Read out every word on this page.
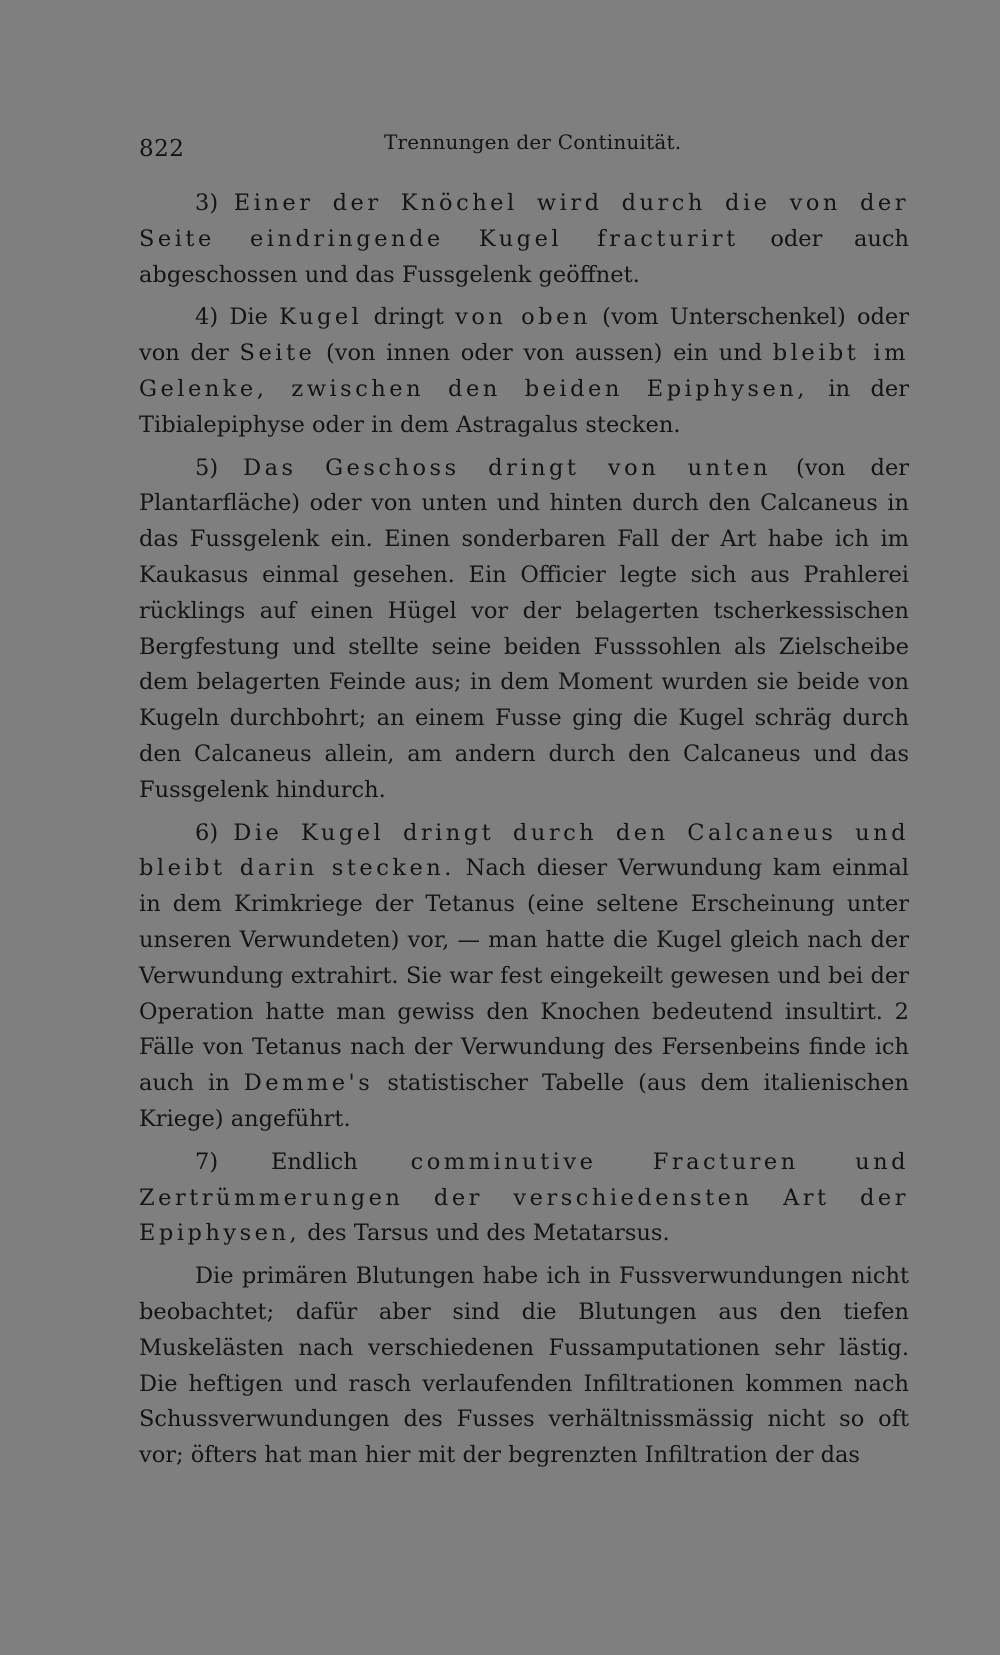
822	Trennungen der Continuität.

3) Einer der Knöchel wird durch die von der Seite eindringende Kugel fracturirt oder auch abgeschossen und das Fussgelenk geöffnet.

4) Die Kugel dringt von oben (vom Unterschenkel) oder von der Seite (von innen oder von aussen) ein und bleibt im Gelenke, zwischen den beiden Epiphysen, in der Tibialepiphyse oder in dem Astragalus stecken.

5) Das Geschoss dringt von unten (von der Plantarfläche) oder von unten und hinten durch den Calcaneus in das Fussgelenk ein. Einen sonderbaren Fall der Art habe ich im Kaukasus einmal gesehen. Ein Officier legte sich aus Prahlerei rücklings auf einen Hügel vor der belagerten tscherkessischen Bergfestung und stellte seine beiden Fusssohlen als Zielscheibe dem belagerten Feinde aus; in dem Moment wurden sie beide von Kugeln durchbohrt; an einem Fusse ging die Kugel schräg durch den Calcaneus allein, am andern durch den Calcaneus und das Fussgelenk hindurch.

6) Die Kugel dringt durch den Calcaneus und bleibt darin stecken. Nach dieser Verwundung kam einmal in dem Krimkriege der Tetanus (eine seltene Erscheinung unter unseren Verwundeten) vor, — man hatte die Kugel gleich nach der Verwundung extrahirt. Sie war fest eingekeilt gewesen und bei der Operation hatte man gewiss den Knochen bedeutend insultirt. 2 Fälle von Tetanus nach der Verwundung des Fersenbeins finde ich auch in Demme's statistischer Tabelle (aus dem italienischen Kriege) angeführt.

7) Endlich comminutive Fracturen und Zertrümmerungen der verschiedensten Art der Epiphysen, des Tarsus und des Metatarsus.

Die primären Blutungen habe ich in Fussverwundungen nicht beobachtet; dafür aber sind die Blutungen aus den tiefen Muskelästen nach verschiedenen Fussamputationen sehr lästig. Die heftigen und rasch verlaufenden Infiltrationen kommen nach Schussverwundungen des Fusses verhältnissmässig nicht so oft vor; öfters hat man hier mit der begrenzten Infiltration der das
